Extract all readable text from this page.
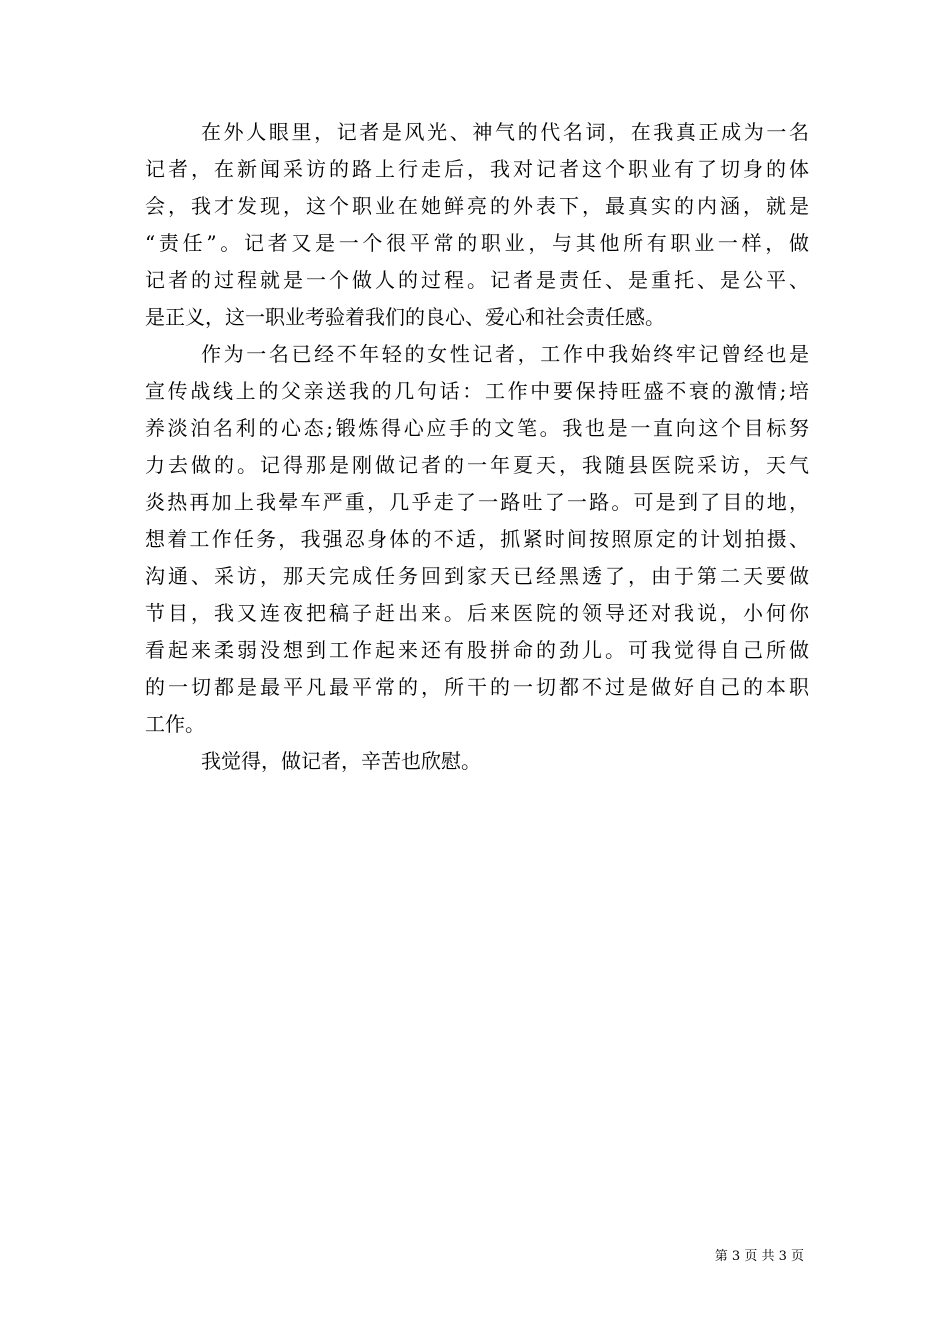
在外人眼里，记者是风光、神气的代名词，在我真正成为一名
记者，在新闻采访的路上行走后，我对记者这个职业有了切身的体
会，我才发现，这个职业在她鲜亮的外表下，最真实的内涵，就是
“责任”。记者又是一个很平常的职业，与其他所有职业一样，做
记者的过程就是一个做人的过程。记者是责任、是重托、是公平、
是正义，这一职业考验着我们的良心、爱心和社会责任感。
作为一名已经不年轻的女性记者，工作中我始终牢记曾经也是
宣传战线上的父亲送我的几句话：工作中要保持旺盛不衰的激情;培
养淡泊名利的心态;锻炼得心应手的文笔。我也是一直向这个目标努
力去做的。记得那是刚做记者的一年夏天，我随县医院采访，天气
炎热再加上我晕车严重，几乎走了一路吐了一路。可是到了目的地，
想着工作任务，我强忍身体的不适，抓紧时间按照原定的计划拍摄、
沟通、采访，那天完成任务回到家天已经黑透了，由于第二天要做
节目，我又连夜把稿子赶出来。后来医院的领导还对我说，小何你
看起来柔弱没想到工作起来还有股拼命的劲儿。可我觉得自己所做
的一切都是最平凡最平常的，所干的一切都不过是做好自己的本职
工作。
我觉得，做记者，辛苦也欣慰。
第 3 页 共 3 页
